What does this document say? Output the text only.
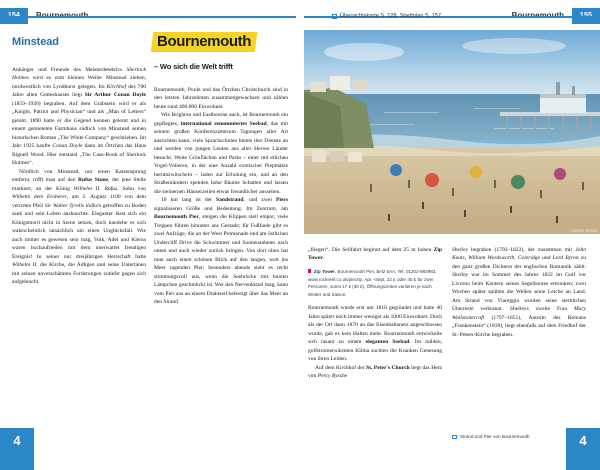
Übersichtskarte S. 128, Stadtplan S. 157
Minstead

Anhänger und Freunde des Meisterdetektivs Sherlock Holmes wird es zum kleinen Weiler Minstead ziehen, nordwestlich von Lyndhurst gelegen. Im Kirchhof des 700 Jahre alten Gotteshauses liegt Sir Arthur Conan Doyle (1859–1930) begraben. Auf dem Grabstein wird er als „Knight, Patriot and Physician“ und als „Man of Letters“ gelobt. 1890 hatte er die Gegend kennen gelernt und in einem gemieteten Farmhaus südlich von Minstead seinen historischen Roman „The White Company“ geschrieben. Im Jahr 1925 kaufte Conan Doyle dann im Örtchen das Haus Bignell Wood. Hier entstand „The Case-Book of Sherlock Holmes“.

Nördlich von Minstead, nur einen Katzensprung entfernt, trifft man auf den Rufus Stone, der jene Stelle markiert, an der König Wilhelm II. Rufus, Sohn von Wilhelm dem Eroberer, am 2. August 1100 von dem verirrten Pfeil Sir Walter Tyrells tödlich getroffen zu Boden sank und sein Leben aushauchte. Eleganter lässt sich ein Königsmord nicht in Szene setzen, doch handelte es sich wahrscheinlich tatsächlich um einen Unglücksfall. Wie auch immer es gewesen sein mag, Volk, Adel und Klerus waren hochzufrieden mit dem unerwartet freudigen Ereignis! In seiner nur dreijährigen Herrschaft hatte Wilhelm II. die Kirche, die Adligen und seine Untertanen mit seinen unverschämten Forderungen zutiefst gegen sich aufgebracht.

Bournemouth
– Wo sich die Welt trifft

Bournemouth, Poole und das Örtchen Christchurch sind in den letzten Jahrzehnten zusammengewachsen und zählen heute rund 460.000 Einwohner.

Wie Brighton und Eastbourne auch, ist Bournemouth ein gepflegtes, international renommiertes Seebad, das mit seinem großen Konferenzzentrum Tagungen aller Art ausrichten kann; viele Sprachschulen bieten ihre Dienste an und werden von jungen Leuten aus aller Herren Länder besucht. Weite Grünflächen und Parks – einer mit etlichen Vogel-Volieren, in der eine Anzahl exotischer Piepmätze herumzwitschern – laden zur Erholung ein, und an den Straßenrändern spenden hohe Bäume Schatten und lassen die steinernen Häuserzeilen etwas freundlicher aussehen.

10 km lang ist der Sandstrand, und zwei Piers signalisieren Größe und Bedeutung. Im Zentrum, am Bournemouth Pier, steigen die Klippen steil empor, viele Treppen führen hinunter ans Gestade; für Fußfaule gibt es zwei Aufzüge, die an der West Promenade und am östlichen Undercliff Drive die Schwimmer und Sonnenanbeter nach unten und auch wieder zurück bringen. Von dort oben hat man auch einen schönen Blick auf den langen, weit ins Meer ragenden Pier; besonders abends sieht es recht stimmungsvoll aus, wenn die Seebrücke mit bunten Lämpchen geschmückt ist. Wer den Nervenkitzel mag, kann vom Pier aus an einem Drahtseil befestigt über das Meer an den Strand

ADOBE STOCK

„fliegen“. Die Seilfahrt beginnt auf dem 25 m hohen Zip Tower.

Zip Tower, Bournemouth Pier, BH2 5AA, Tel. 01202-983983, www.rockreef.co.uk/pierzip, Apr.–Sept. 22 £ oder 40 £ für zwei Personen, sonst 17 £ (30 £). Öffnungszeiten variieren je nach Wetter und Saison.

Bournemouth wurde erst um 1810 gegründet und hatte 40 Jahre später noch immer weniger als 1000 Einwohner. Doch als der Ort dann 1870 an das Eisenbahnnetz angeschlossen wurde, gab es kein Halten mehr. Bournemouth entwickelte sich rasant zu einem eleganten Seebad. Im milden, golfstromerwärmten Klima suchten die Kranken Genesung von ihren Leiden.

Auf dem Kirchhof der St. Peter's Church liegt das Herz von Percy Bysshe

Shelley begraben (1792–1822), der zusammen mit John Keats, William Wordsworth, Coleridge und Lord Byron zu den ganz großen Dichtern der englischen Romantik zählt. Shelley war im Sommer des Jahres 1822 im Golf vor Livorno beim Kentern seines Segelbootes ertrunken; zwei Wochen später spülten die Wellen seine Leiche an Land. Am Strand von Viareggio wurden seine sterblichen Überreste verbrannt. Shelleys zweite Frau Mary Wollstonecraft (1797–1851), Autorin des Romans „Frankenstein“ (1818), liegt ebenfalls auf dem Friedhof der St.-Peters-Kirche begraben.

Strand und Pier von Bournemouth
4	4
